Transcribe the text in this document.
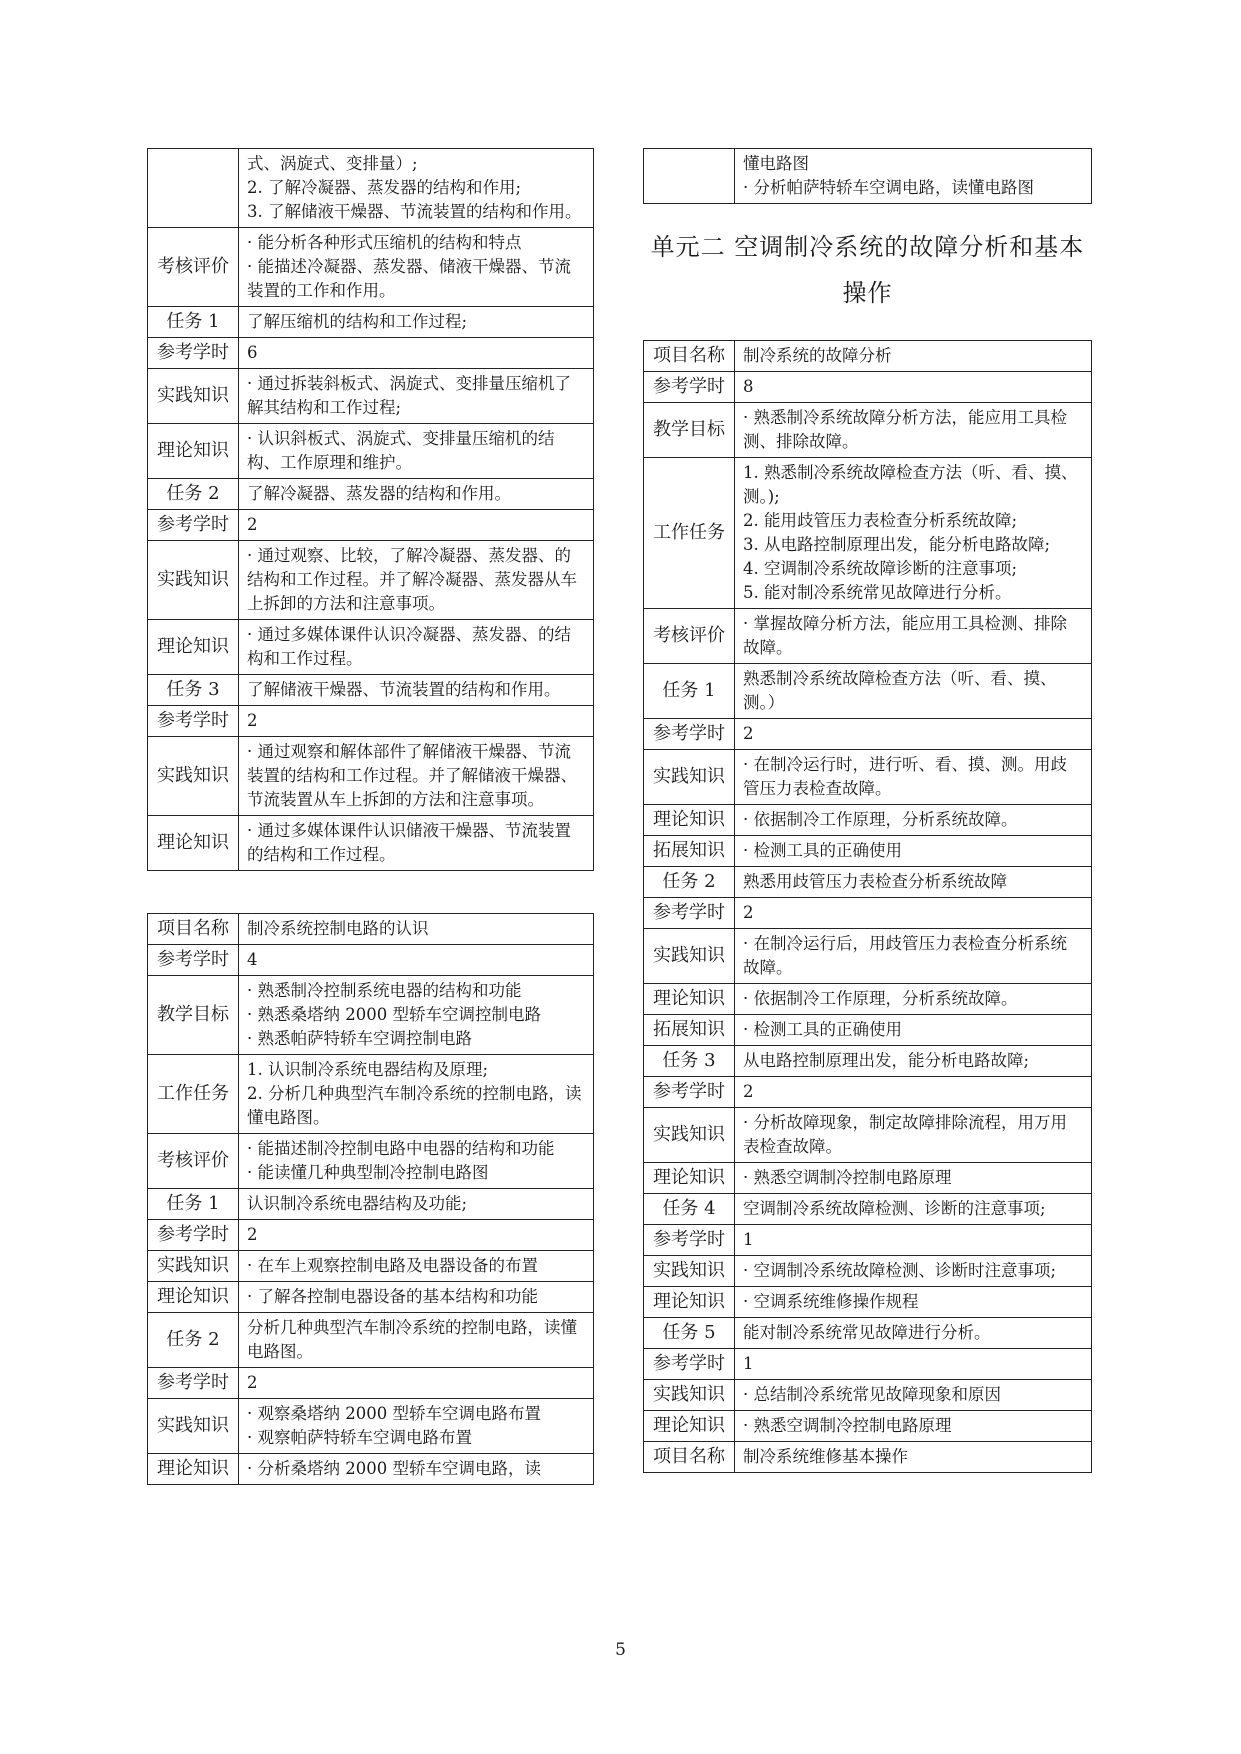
	式、涡旋式、变排量）;
2. 了解冷凝器、蒸发器的结构和作用;
3. 了解储液干燥器、节流装置的结构和作用。

考核评价	· 能分析各种形式压缩机的结构和特点
· 能描述冷凝器、蒸发器、储液干燥器、节流装置的工作和作用。

任务 1	了解压缩机的结构和工作过程;

参考学时	6

实践知识	· 通过拆装斜板式、涡旋式、变排量压缩机了解其结构和工作过程;

理论知识	· 认识斜板式、涡旋式、变排量压缩机的结构、工作原理和维护。

任务 2	了解冷凝器、蒸发器的结构和作用。

参考学时	2

实践知识	· 通过观察、比较，了解冷凝器、蒸发器、的结构和工作过程。并了解冷凝器、蒸发器从车上拆卸的方法和注意事项。

理论知识	· 通过多媒体课件认识冷凝器、蒸发器、的结构和工作过程。

任务 3	了解储液干燥器、节流装置的结构和作用。

参考学时	2

实践知识	· 通过观察和解体部件了解储液干燥器、节流装置的结构和工作过程。并了解储液干燥器、节流装置从车上拆卸的方法和注意事项。

理论知识	· 通过多媒体课件认识储液干燥器、节流装置的结构和工作过程。
项目名称	制冷系统控制电路的认识

参考学时	4

教学目标	· 熟悉制冷控制系统电器的结构和功能
· 熟悉桑塔纳 2000 型轿车空调控制电路
· 熟悉帕萨特轿车空调控制电路

工作任务	1. 认识制冷系统电器结构及原理;
2. 分析几种典型汽车制冷系统的控制电路，读懂电路图。

考核评价	· 能描述制冷控制电路中电器的结构和功能
· 能读懂几种典型制冷控制电路图

任务 1	认识制冷系统电器结构及功能;

参考学时	2

实践知识	· 在车上观察控制电路及电器设备的布置

理论知识	· 了解各控制电器设备的基本结构和功能

任务 2	分析几种典型汽车制冷系统的控制电路，读懂电路图。

参考学时	2

实践知识	· 观察桑塔纳 2000 型轿车空调电路布置
· 观察帕萨特轿车空调电路布置

理论知识	· 分析桑塔纳 2000 型轿车空调电路，读

懂电路图
· 分析帕萨特轿车空调电路，读懂电路图
单元二 空调制冷系统的故障分析和基本操作
项目名称	制冷系统的故障分析

参考学时	8

教学目标	· 熟悉制冷系统故障分析方法，能应用工具检测、排除故障。

工作任务	1. 熟悉制冷系统故障检查方法（听、看、摸、测。);
2. 能用歧管压力表检查分析系统故障;
3. 从电路控制原理出发，能分析电路故障;
4. 空调制冷系统故障诊断的注意事项;
5. 能对制冷系统常见故障进行分析。

考核评价	· 掌握故障分析方法，能应用工具检测、排除故障。

任务 1	熟悉制冷系统故障检查方法（听、看、摸、测。）

参考学时	2

实践知识	· 在制冷运行时，进行听、看、摸、测。用歧管压力表检查故障。

理论知识	· 依据制冷工作原理，分析系统故障。

拓展知识	· 检测工具的正确使用

任务 2	熟悉用歧管压力表检查分析系统故障

参考学时	2

实践知识	· 在制冷运行后，用歧管压力表检查分析系统故障。

理论知识	· 依据制冷工作原理，分析系统故障。

拓展知识	· 检测工具的正确使用

任务 3	从电路控制原理出发，能分析电路故障;

参考学时	2

实践知识	· 分析故障现象，制定故障排除流程，用万用表检查故障。

理论知识	· 熟悉空调制冷控制电路原理

任务 4	空调制冷系统故障检测、诊断的注意事项;

参考学时	1

实践知识	· 空调制冷系统故障检测、诊断时注意事项;

理论知识	· 空调系统维修操作规程

任务 5	能对制冷系统常见故障进行分析。

参考学时	1

实践知识	· 总结制冷系统常见故障现象和原因

理论知识	· 熟悉空调制冷控制电路原理

项目名称	制冷系统维修基本操作
5
